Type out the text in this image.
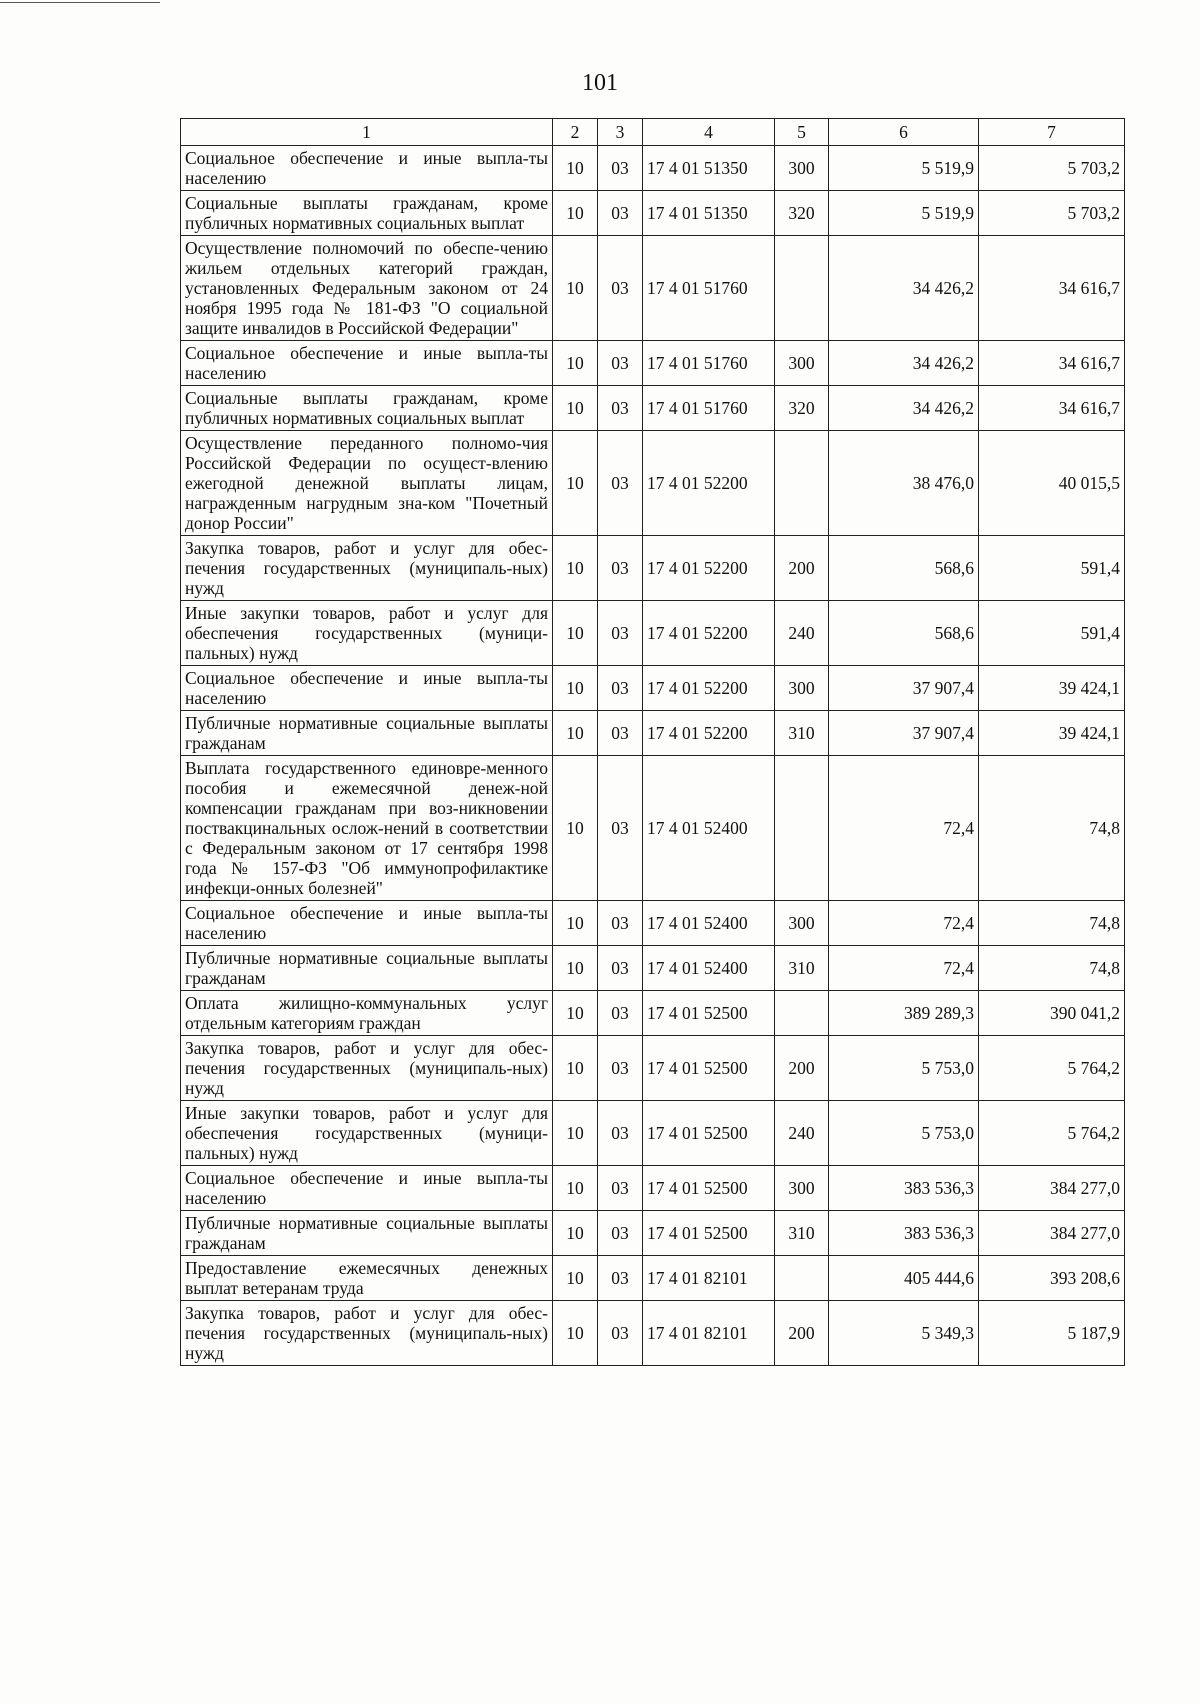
101
1	2	3	4	5	6	7
Социальное обеспечение и иные выпла-ты населению	10	03	17 4 01 51350	300	5 519,9	5 703,2
Социальные выплаты гражданам, кроме публичных нормативных социальных выплат	10	03	17 4 01 51350	320	5 519,9	5 703,2
Осуществление полномочий по обеспе-чению жильем отдельных категорий граждан, установленных Федеральным законом от 24 ноября 1995 года № 181-ФЗ "О социальной защите инвалидов в Российской Федерации"	10	03	17 4 01 51760		34 426,2	34 616,7
Социальное обеспечение и иные выпла-ты населению	10	03	17 4 01 51760	300	34 426,2	34 616,7
Социальные выплаты гражданам, кроме публичных нормативных социальных выплат	10	03	17 4 01 51760	320	34 426,2	34 616,7
Осуществление переданного полномо-чия Российской Федерации по осущест-влению ежегодной денежной выплаты лицам, награжденным нагрудным зна-ком "Почетный донор России"	10	03	17 4 01 52200		38 476,0	40 015,5
Закупка товаров, работ и услуг для обес-печения государственных (муниципаль-ных) нужд	10	03	17 4 01 52200	200	568,6	591,4
Иные закупки товаров, работ и услуг для обеспечения государственных (муници-пальных) нужд	10	03	17 4 01 52200	240	568,6	591,4
Социальное обеспечение и иные выпла-ты населению	10	03	17 4 01 52200	300	37 907,4	39 424,1
Публичные нормативные социальные выплаты гражданам	10	03	17 4 01 52200	310	37 907,4	39 424,1
Выплата государственного единовре-менного пособия и ежемесячной денеж-ной компенсации гражданам при воз-никновении поствакцинальных ослож-нений в соответствии с Федеральным законом от 17 сентября 1998 года № 157-ФЗ "Об иммунопрофилактике инфекци-онных болезней"	10	03	17 4 01 52400		72,4	74,8
Социальное обеспечение и иные выпла-ты населению	10	03	17 4 01 52400	300	72,4	74,8
Публичные нормативные социальные выплаты гражданам	10	03	17 4 01 52400	310	72,4	74,8
Оплата жилищно-коммунальных услуг отдельным категориям граждан	10	03	17 4 01 52500		389 289,3	390 041,2
Закупка товаров, работ и услуг для обес-печения государственных (муниципаль-ных) нужд	10	03	17 4 01 52500	200	5 753,0	5 764,2
Иные закупки товаров, работ и услуг для обеспечения государственных (муници-пальных) нужд	10	03	17 4 01 52500	240	5 753,0	5 764,2
Социальное обеспечение и иные выпла-ты населению	10	03	17 4 01 52500	300	383 536,3	384 277,0
Публичные нормативные социальные выплаты гражданам	10	03	17 4 01 52500	310	383 536,3	384 277,0
Предоставление ежемесячных денежных выплат ветеранам труда	10	03	17 4 01 82101		405 444,6	393 208,6
Закупка товаров, работ и услуг для обес-печения государственных (муниципаль-ных) нужд	10	03	17 4 01 82101	200	5 349,3	5 187,9
